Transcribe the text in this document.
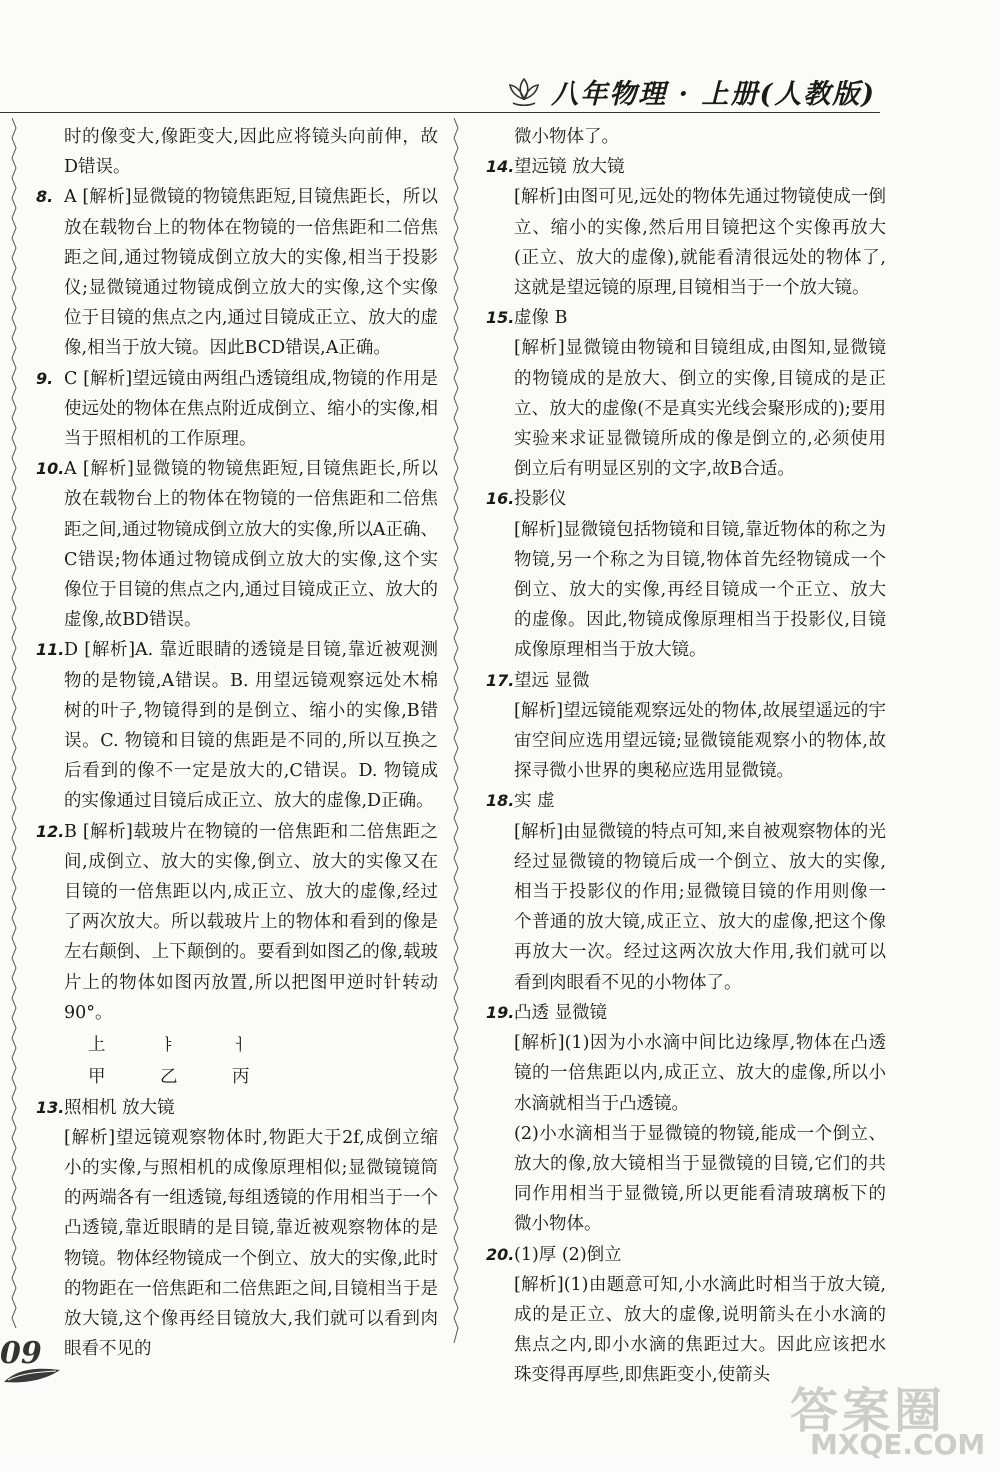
八年物理 · 上册(人教版)
时的像变大,像距变大,因此应将镜头向前伸，故D错误。
8. A [解析]显微镜的物镜焦距短,目镜焦距长，所以放在载物台上的物体在物镜的一倍焦距和二倍焦距之间,通过物镜成倒立放大的实像,相当于投影仪;显微镜通过物镜成倒立放大的实像,这个实像位于目镜的焦点之内,通过目镜成正立、放大的虚像,相当于放大镜。因此BCD错误,A正确。
9. C [解析]望远镜由两组凸透镜组成,物镜的作用是使远处的物体在焦点附近成倒立、缩小的实像,相当于照相机的工作原理。
10. A [解析]显微镜的物镜焦距短,目镜焦距长,所以放在载物台上的物体在物镜的一倍焦距和二倍焦距之间,通过物镜成倒立放大的实像,所以A正确、C错误;物体通过物镜成倒立放大的实像,这个实像位于目镜的焦点之内,通过目镜成正立、放大的虚像,故BD错误。
11. D [解析]A. 靠近眼睛的透镜是目镜,靠近被观测物的是物镜,A错误。B. 用望远镜观察远处木棉树的叶子,物镜得到的是倒立、缩小的实像,B错误。C. 物镜和目镜的焦距是不同的,所以互换之后看到的像不一定是放大的,C错误。D. 物镜成的实像通过目镜后成正立、放大的虚像,D正确。
12. B [解析]载玻片在物镜的一倍焦距和二倍焦距之间,成倒立、放大的实像,倒立、放大的实像又在目镜的一倍焦距以内,成正立、放大的虚像,经过了两次放大。所以载玻片上的物体和看到的像是左右颠倒、上下颠倒的。要看到如图乙的像,载玻片上的物体如图丙放置,所以把图甲逆时针转动90°。
上	ㅑ	ㅓ
甲	乙	丙
13. 照相机 放大镜

[解析]望远镜观察物体时,物距大于2f,成倒立缩小的实像,与照相机的成像原理相似;显微镜镜筒的两端各有一组透镜,每组透镜的作用相当于一个凸透镜,靠近眼睛的是目镜,靠近被观察物体的是物镜。物体经物镜成一个倒立、放大的实像,此时的物距在一倍焦距和二倍焦距之间,目镜相当于是放大镜,这个像再经目镜放大,我们就可以看到肉眼看不见的

微小物体了。
14. 望远镜 放大镜

[解析]由图可见,远处的物体先通过物镜使成一倒立、缩小的实像,然后用目镜把这个实像再放大(正立、放大的虚像),就能看清很远处的物体了,这就是望远镜的原理,目镜相当于一个放大镜。

15. 虚像 B

[解析]显微镜由物镜和目镜组成,由图知,显微镜的物镜成的是放大、倒立的实像,目镜成的是正立、放大的虚像(不是真实光线会聚形成的);要用实验来求证显微镜所成的像是倒立的,必须使用倒立后有明显区别的文字,故B合适。

16. 投影仪

[解析]显微镜包括物镜和目镜,靠近物体的称之为物镜,另一个称之为目镜,物体首先经物镜成一个倒立、放大的实像,再经目镜成一个正立、放大的虚像。因此,物镜成像原理相当于投影仪,目镜成像原理相当于放大镜。

17. 望远 显微

[解析]望远镜能观察远处的物体,故展望遥远的宇宙空间应选用望远镜;显微镜能观察小的物体,故探寻微小世界的奥秘应选用显微镜。

18. 实 虚

[解析]由显微镜的特点可知,来自被观察物体的光经过显微镜的物镜后成一个倒立、放大的实像,相当于投影仪的作用;显微镜目镜的作用则像一个普通的放大镜,成正立、放大的虚像,把这个像再放大一次。经过这两次放大作用,我们就可以看到肉眼看不见的小物体了。

19. 凸透 显微镜

[解析](1)因为小水滴中间比边缘厚,物体在凸透镜的一倍焦距以内,成正立、放大的虚像,所以小水滴就相当于凸透镜。

(2)小水滴相当于显微镜的物镜,能成一个倒立、放大的像,放大镜相当于显微镜的目镜,它们的共同作用相当于显微镜,所以更能看清玻璃板下的微小物体。

20. (1)厚 (2)倒立

[解析](1)由题意可知,小水滴此时相当于放大镜,成的是正立、放大的虚像,说明箭头在小水滴的焦点之内,即小水滴的焦距过大。因此应该把水珠变得再厚些,即焦距变小,使箭头

09
答案圈
MXQE.COM
